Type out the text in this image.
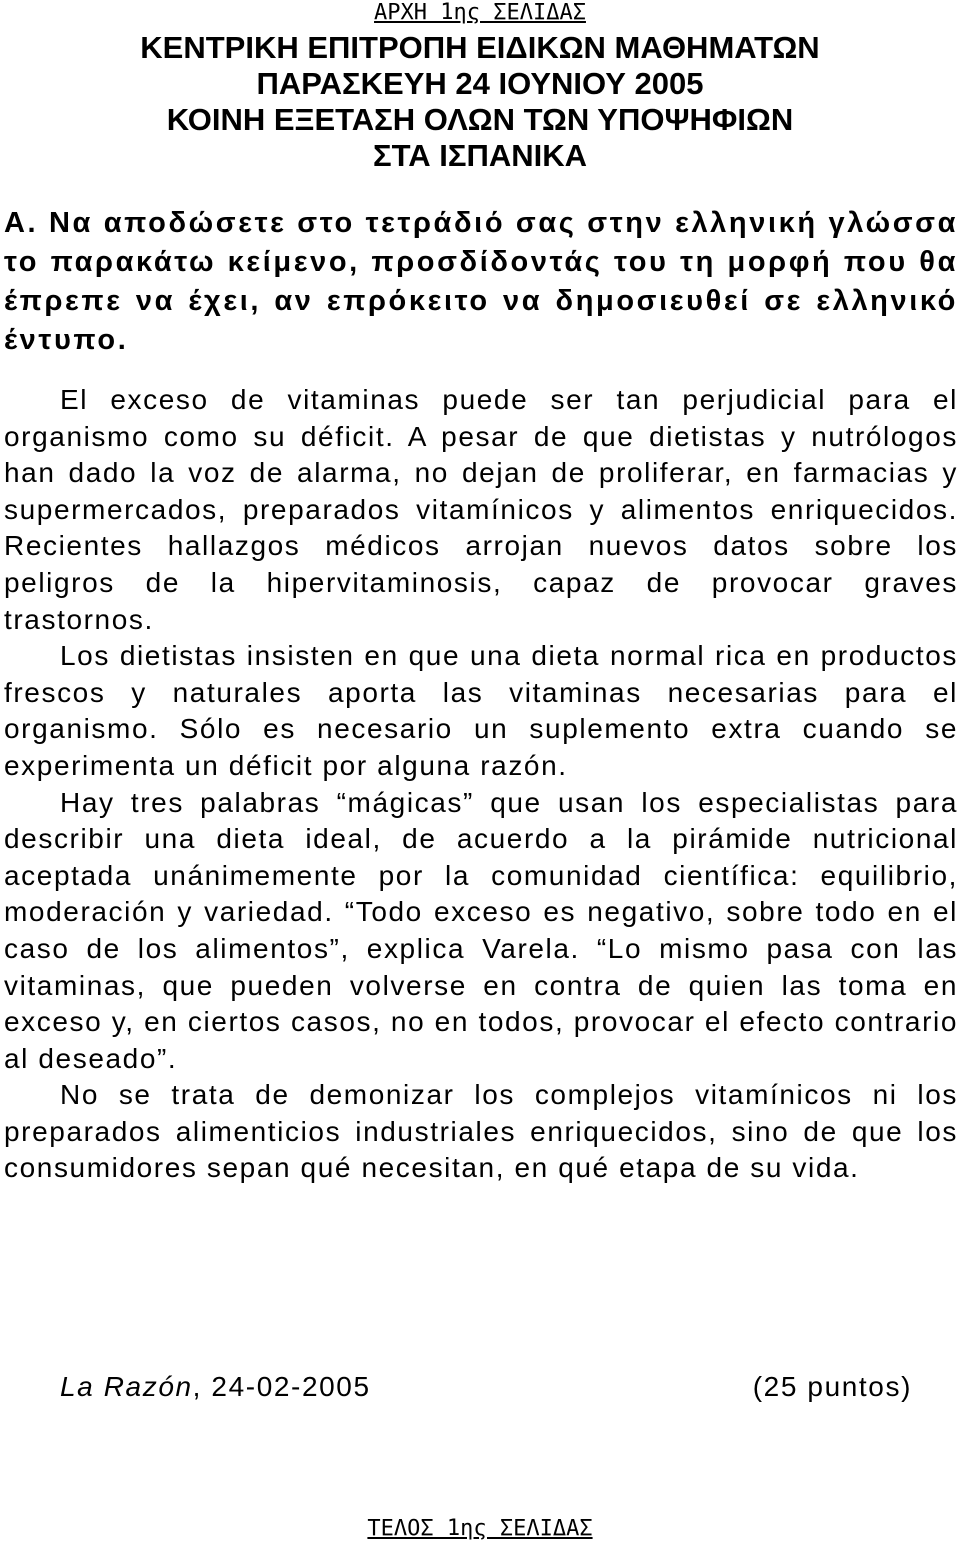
ΑΡΧΗ 1ης ΣΕΛΙΔΑΣ
ΚΕΝΤΡΙΚΗ ΕΠΙΤΡΟΠΗ ΕΙΔΙΚΩΝ ΜΑΘΗΜΑΤΩΝ
ΠΑΡΑΣΚΕΥΗ 24 ΙΟΥΝΙΟΥ 2005
ΚΟΙΝΗ ΕΞΕΤΑΣΗ ΟΛΩΝ ΤΩΝ ΥΠΟΨΗΦΙΩΝ
ΣΤΑ ΙΣΠΑΝΙΚΑ
Α. Να αποδώσετε στο τετράδιό σας στην ελληνική γλώσσα το παρακάτω κείμενο, προσδίδοντάς του τη μορφή που θα έπρεπε να έχει, αν επρόκειτο να δημοσιευθεί σε ελληνικό έντυπο.

El exceso de vitaminas puede ser tan perjudicial para el organismo como su déficit. A pesar de que dietistas y nutrólogos han dado la voz de alarma, no dejan de proliferar, en farmacias y supermercados, preparados vitamínicos y alimentos enriquecidos. Recientes hallazgos médicos arrojan nuevos datos sobre los peligros de la hipervitaminosis, capaz de provocar graves trastornos.

Los dietistas insisten en que una dieta normal rica en productos frescos y naturales aporta las vitaminas necesarias para el organismo. Sólo es necesario un suplemento extra cuando se experimenta un déficit por alguna razón.

Hay tres palabras “mágicas” que usan los especialistas para describir una dieta ideal, de acuerdo a la pirámide nutricional aceptada unánimemente por la comunidad científica: equilibrio, moderación y variedad. “Todo exceso es negativo, sobre todo en el caso de los alimentos”, explica Varela. “Lo mismo pasa con las vitaminas, que pueden volverse en contra de quien las toma en exceso y, en ciertos casos, no en todos, provocar el efecto contrario al deseado”.

No se trata de demonizar los complejos vitamínicos ni los preparados alimenticios industriales enriquecidos, sino de que los consumidores sepan qué necesitan, en qué etapa de su vida.

La Razón, 24-02-2005	(25 puntos)
ΤΕΛΟΣ 1ης ΣΕΛΙΔΑΣ
